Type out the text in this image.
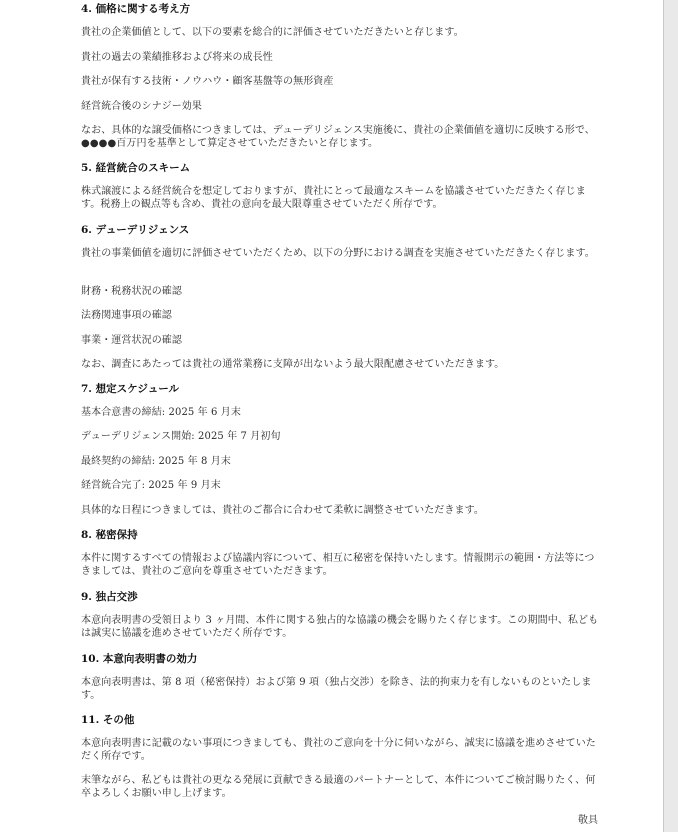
4. 価格に関する考え方
貴社の企業価値として、以下の要素を総合的に評価させていただきたいと存じます。
貴社の過去の業績推移および将来の成長性
貴社が保有する技術・ノウハウ・顧客基盤等の無形資産
経営統合後のシナジー効果
なお、具体的な譲受価格につきましては、デューデリジェンス実施後に、貴社の企業価値を適切に反映する形で、●●●●百万円を基準として算定させていただきたいと存じます。
5. 経営統合のスキーム
株式譲渡による経営統合を想定しておりますが、貴社にとって最適なスキームを協議させていただきたく存じます。税務上の観点等も含め、貴社の意向を最大限尊重させていただく所存です。
6. デューデリジェンス
貴社の事業価値を適切に評価させていただくため、以下の分野における調査を実施させていただきたく存じます。
財務・税務状況の確認
法務関連事項の確認
事業・運営状況の確認
なお、調査にあたっては貴社の通常業務に支障が出ないよう最大限配慮させていただきます。
7. 想定スケジュール
基本合意書の締結: 2025 年 6 月末
デューデリジェンス開始: 2025 年 7 月初旬
最終契約の締結: 2025 年 8 月末
経営統合完了: 2025 年 9 月末
具体的な日程につきましては、貴社のご都合に合わせて柔軟に調整させていただきます。
8. 秘密保持
本件に関するすべての情報および協議内容について、相互に秘密を保持いたします。情報開示の範囲・方法等につきましては、貴社のご意向を尊重させていただきます。
9. 独占交渉
本意向表明書の受領日より 3 ヶ月間、本件に関する独占的な協議の機会を賜りたく存じます。この期間中、私どもは誠実に協議を進めさせていただく所存です。
10. 本意向表明書の効力
本意向表明書は、第 8 項（秘密保持）および第 9 項（独占交渉）を除き、法的拘束力を有しないものといたします。
11. その他
本意向表明書に記載のない事項につきましても、貴社のご意向を十分に伺いながら、誠実に協議を進めさせていただく所存です。
末筆ながら、私どもは貴社の更なる発展に貢献できる最適のパートナーとして、本件についてご検討賜りたく、何卒よろしくお願い申し上げます。
敬具
